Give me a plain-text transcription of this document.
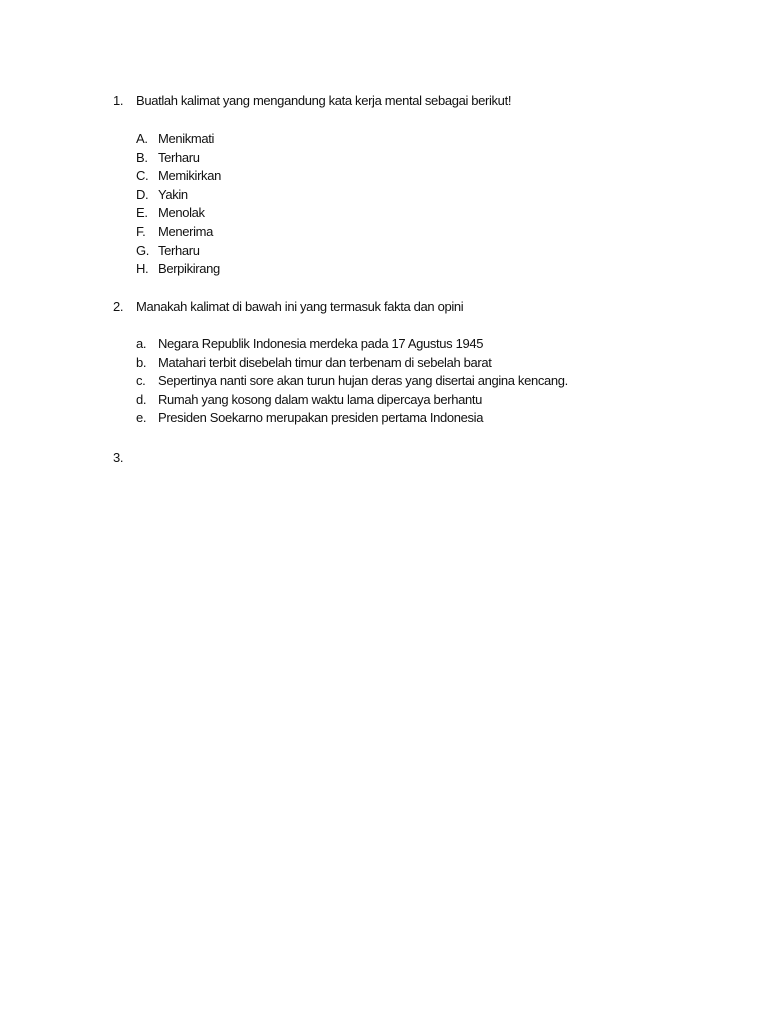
1. Buatlah kalimat yang mengandung kata kerja mental sebagai berikut!
A. Menikmati
B. Terharu
C. Memikirkan
D. Yakin
E. Menolak
F. Menerima
G. Terharu
H. Berpikirang
2. Manakah kalimat di bawah ini yang termasuk fakta dan opini
a. Negara Republik Indonesia merdeka pada 17 Agustus 1945
b. Matahari terbit disebelah timur dan terbenam di sebelah barat
c. Sepertinya nanti sore akan turun hujan deras yang disertai angina kencang.
d. Rumah yang kosong dalam waktu lama dipercaya berhantu
e. Presiden Soekarno merupakan presiden pertama Indonesia
3.
